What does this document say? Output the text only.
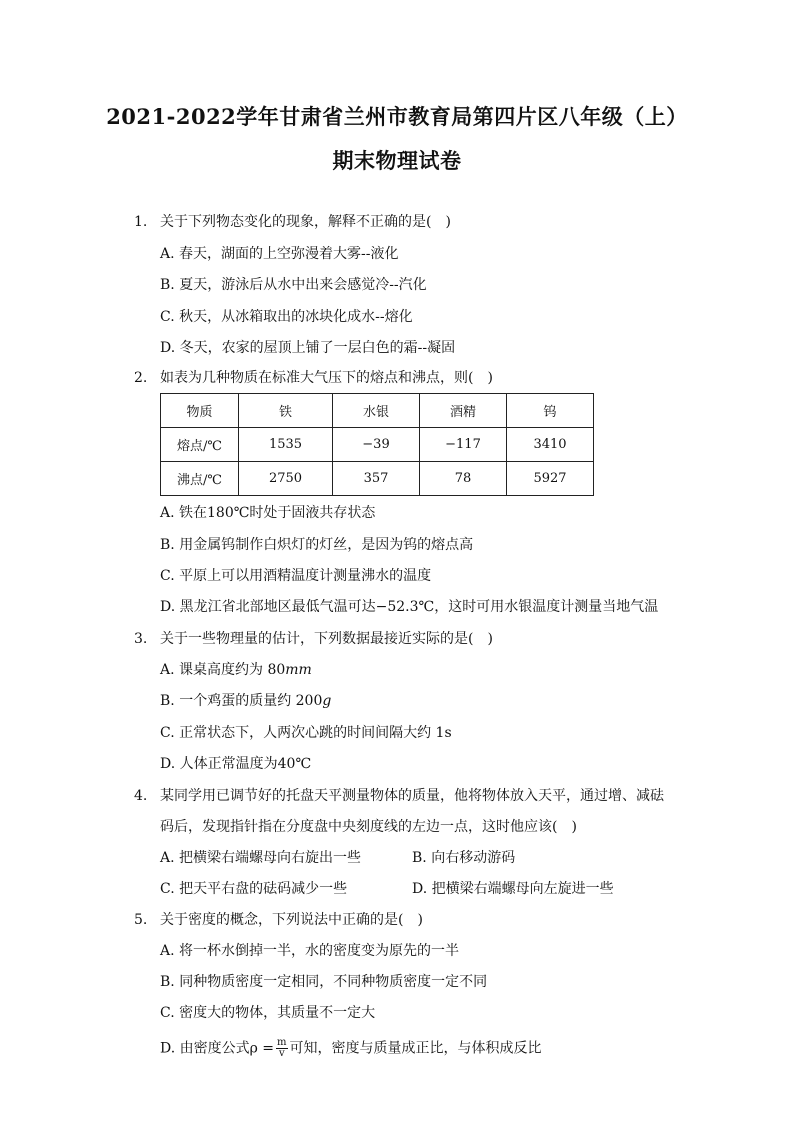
2021-2022学年甘肃省兰州市教育局第四片区八年级（上）
期末物理试卷
1. 关于下列物态变化的现象，解释不正确的是(　)
A. 春天，湖面的上空弥漫着大雾--液化
B. 夏天，游泳后从水中出来会感觉冷--汽化
C. 秋天，从冰箱取出的冰块化成水--熔化
D. 冬天，农家的屋顶上铺了一层白色的霜--凝固
2. 如表为几种物质在标准大气压下的熔点和沸点，则(　)
物质	铁	水银	酒精	钨
熔点/℃	1535	−39	−117	3410
沸点/℃	2750	357	78	5927
A. 铁在180℃时处于固液共存状态
B. 用金属钨制作白炽灯的灯丝，是因为钨的熔点高
C. 平原上可以用酒精温度计测量沸水的温度
D. 黑龙江省北部地区最低气温可达−52.3℃，这时可用水银温度计测量当地气温
3. 关于一些物理量的估计，下列数据最接近实际的是(　)
A. 课桌高度约为 80mm
B. 一个鸡蛋的质量约 200g
C. 正常状态下，人两次心跳的时间间隔大约 1s
D. 人体正常温度为40℃
4. 某同学用已调节好的托盘天平测量物体的质量，他将物体放入天平，通过增、减砝
码后，发现指针指在分度盘中央刻度线的左边一点，这时他应该(　)
A. 把横梁右端螺母向右旋出一些	B. 向右移动游码
C. 把天平右盘的砝码减少一些	D. 把横梁右端螺母向左旋进一些
5. 关于密度的概念，下列说法中正确的是(　)
A. 将一杯水倒掉一半，水的密度变为原先的一半
B. 同种物质密度一定相同，不同种物质密度一定不同
C. 密度大的物体，其质量不一定大
D. 由密度公式$\rho = \frac{m}{v}$ 可知，密度与质量成正比，与体积成反比
